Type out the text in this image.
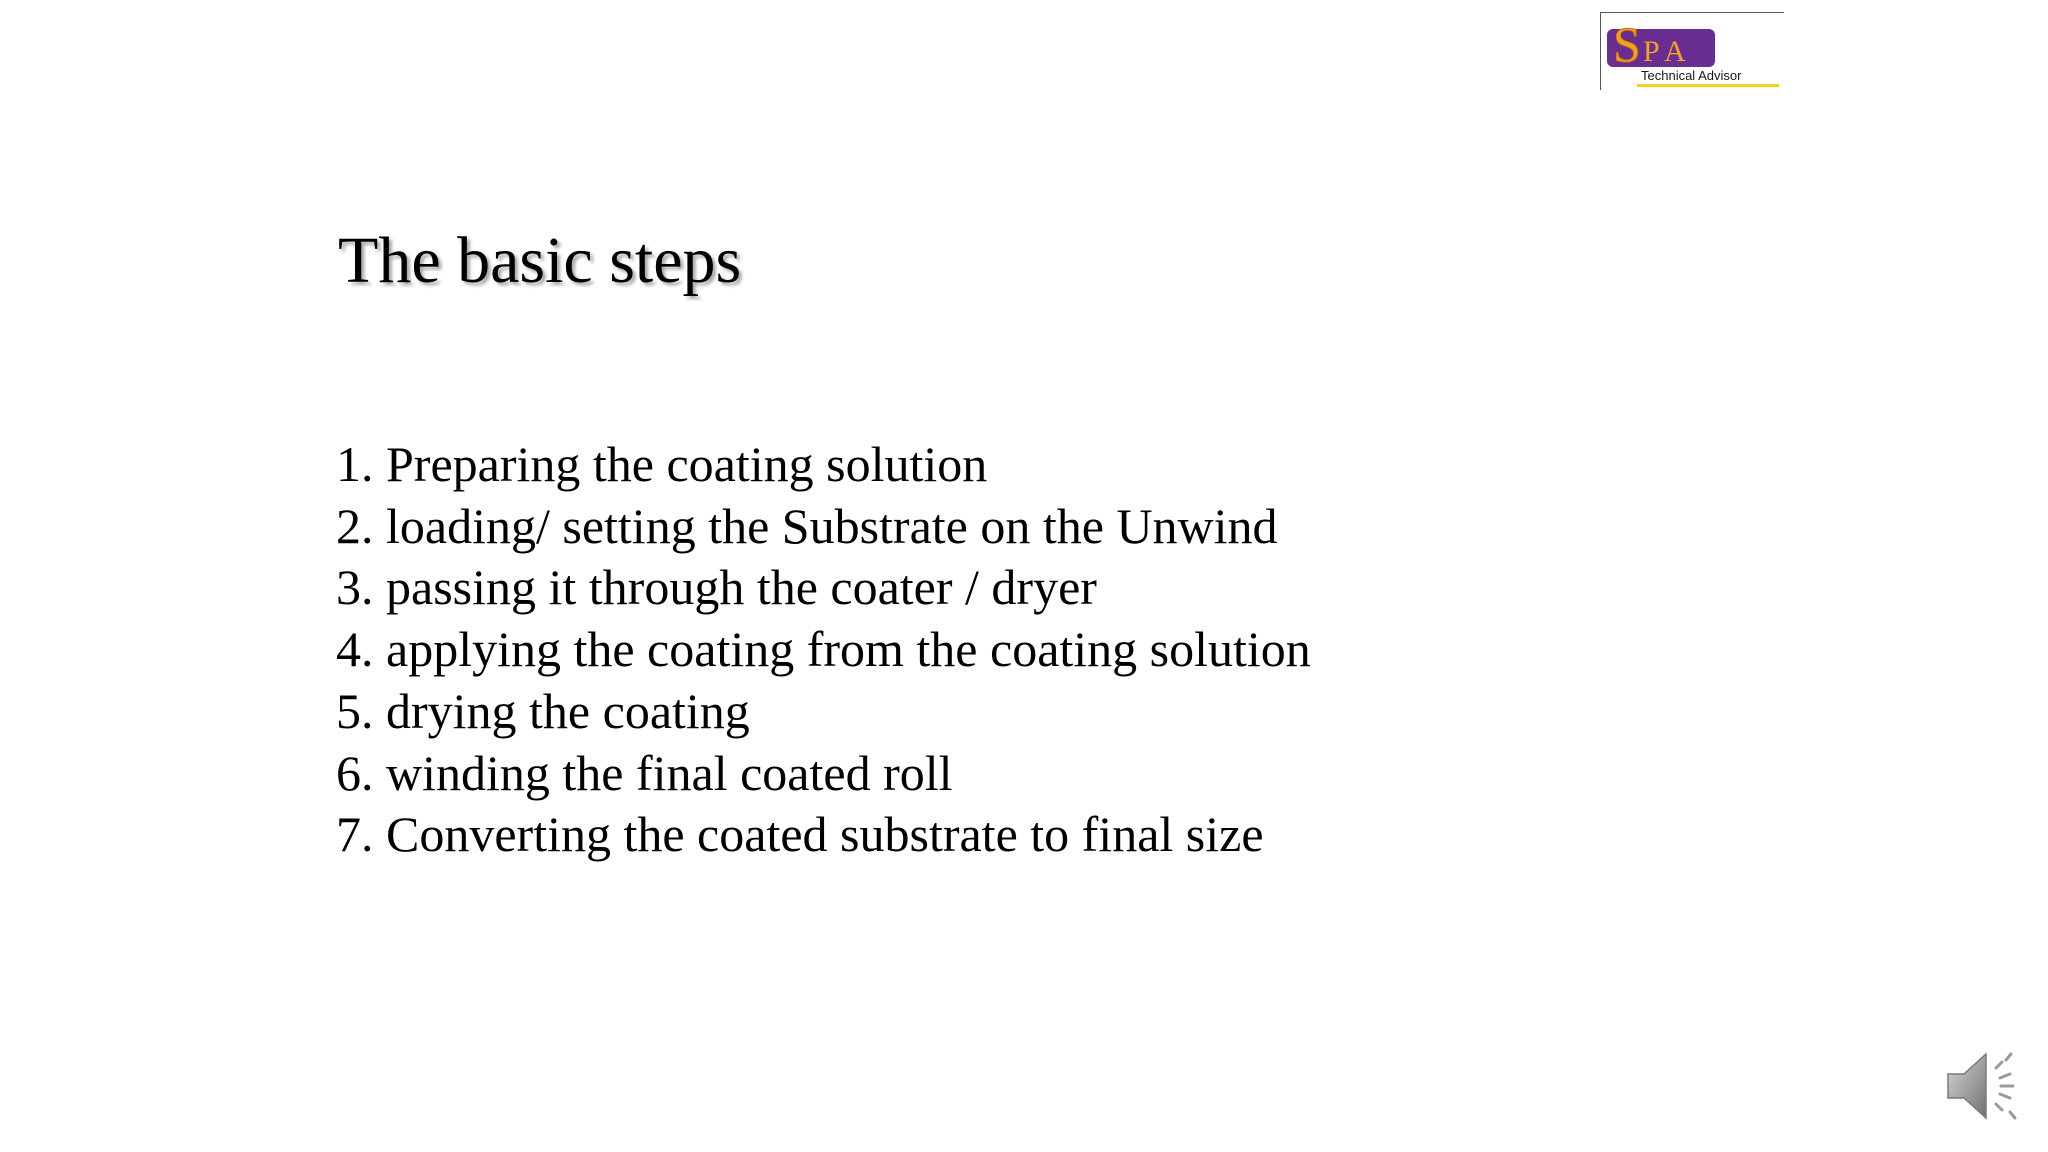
S P A
Technical Advisor
The basic steps
1. Preparing the coating solution
2. loading/ setting the Substrate on the Unwind
3. passing it through the coater / dryer
4. applying the coating from the coating solution
5. drying the coating
6. winding the final coated roll
7. Converting the coated substrate to final size
